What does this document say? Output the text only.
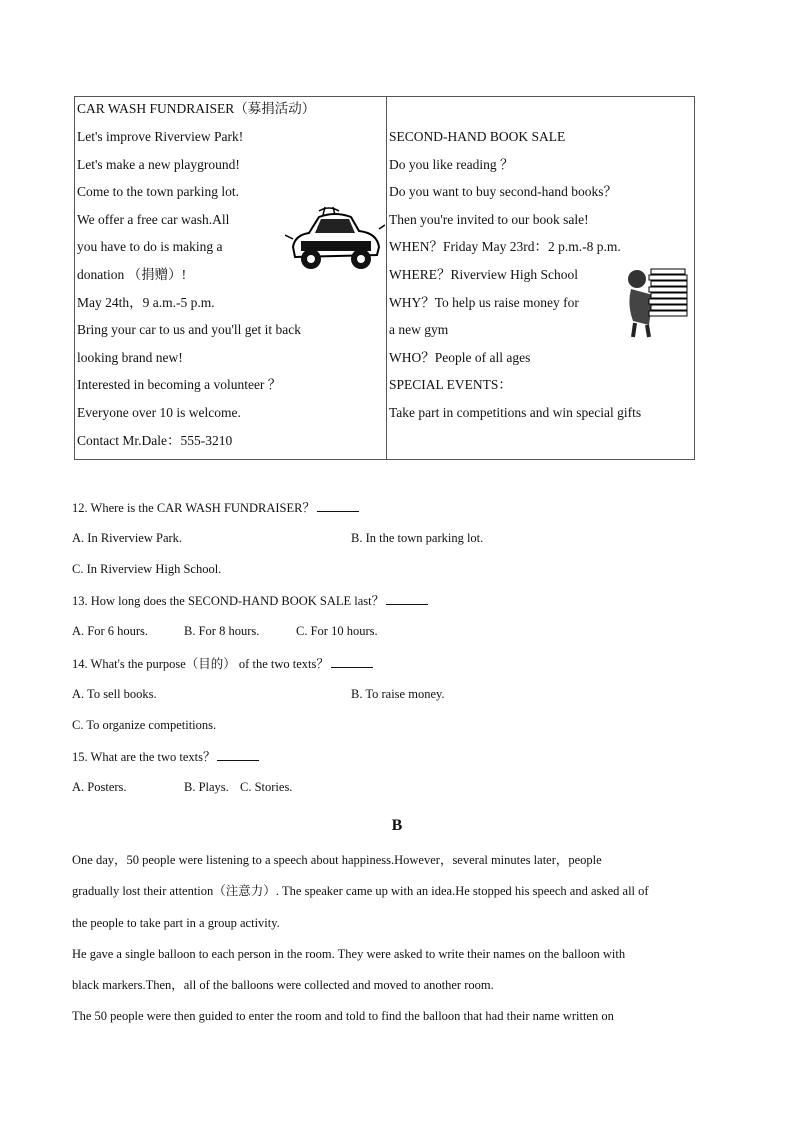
CAR WASH FUNDRAISER（募捐活动）
Let's improve Riverview Park!
Let's make a new playground!
Come to the town parking lot.
We offer a free car wash.All
you have to do is making a
donation （捐赠）!
May 24th，9 a.m.-5 p.m.
Bring your car to us and you'll get it back
looking brand new!
Interested in becoming a volunteer ？
Everyone over 10 is welcome.
Contact Mr.Dale：555-3210
SECOND-HAND BOOK SALE
Do you like reading ？
Do you want to buy second-hand books？
Then you're invited to our book sale!
WHEN？Friday May 23rd：2 p.m.-8 p.m.
WHERE？Riverview High School
WHY？To help us raise money for
a new gym
WHO？People of all ages
SPECIAL EVENTS：
Take part in competitions and win special gifts
12. Where is the CAR WASH FUNDRAISER？
A. In Riverview Park.	B. In the town parking lot.
C. In Riverview High School.
13. How long does the SECOND-HAND BOOK SALE last？
A. For 6 hours.	B. For 8 hours.	C. For 10 hours.
14. What's the purpose（目的） of the two texts？
A. To sell books.	B. To raise money.
C. To organize competitions.
15. What are the two texts？
A. Posters.	B. Plays. C. Stories.
B
One day，50 people were listening to a speech about happiness.However，several minutes later，people
gradually lost their attention（注意力）. The speaker came up with an idea.He stopped his speech and asked all of
the people to take part in a group activity.
He gave a single balloon to each person in the room. They were asked to write their names on the balloon with
black markers.Then，all of the balloons were collected and moved to another room.
The 50 people were then guided to enter the room and told to find the balloon that had their name written on
